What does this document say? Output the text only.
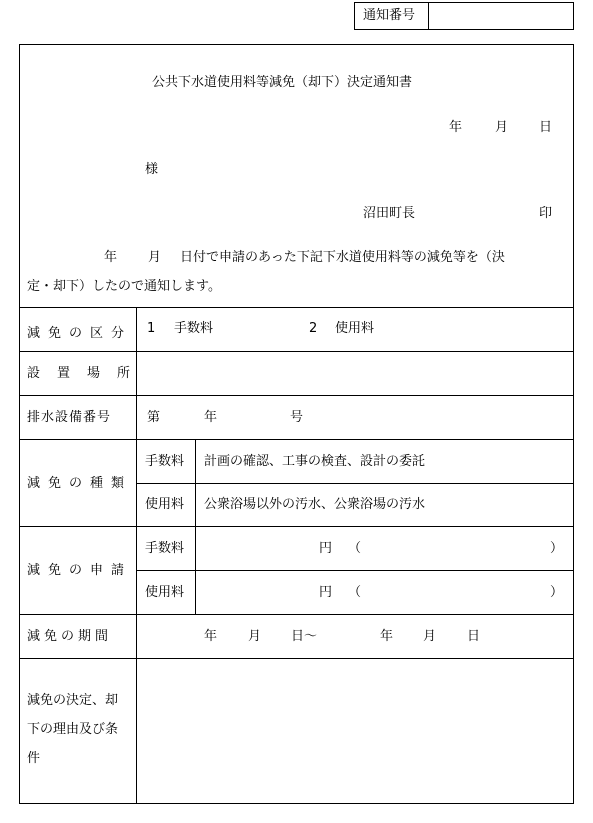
通知番号
公共下水道使用料等減免（却下）決定通知書
年	月 日
様
沼田町長	印
年 月 日付で申請のあった下記下水道使用料等の減免等を（決
定・却下）したので通知します。
減免の区分 1 手数料	2 使用料
設置場所
排水設備番号	第	年	号
減免の種類
手数料 計画の確認、工事の検査、設計の委託
使用料 公衆浴場以外の汚水、公衆浴場の汚水
減免の申請
手数料	円 （	）
使用料	円 （	）
減免の期間	年 月 日〜	年 月 日
減免の決定、却
下の理由及び条
件
